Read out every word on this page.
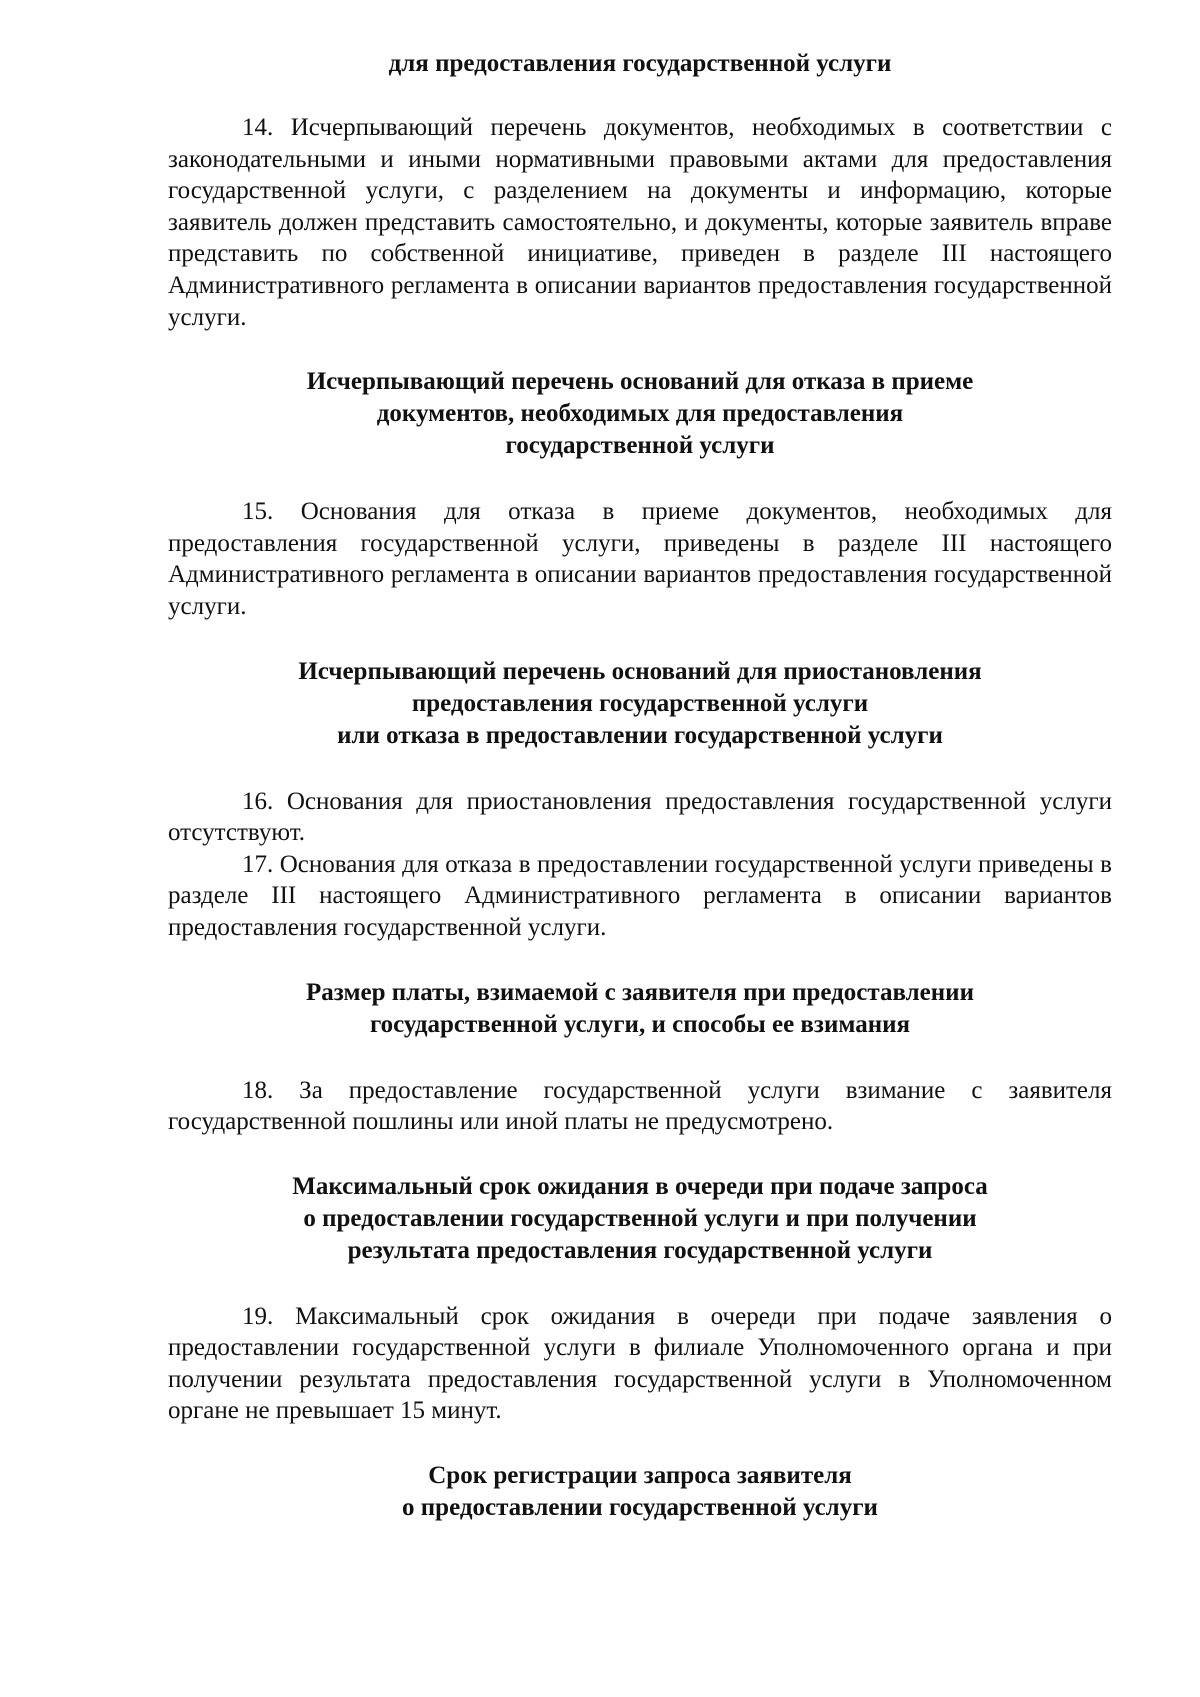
для предоставления государственной услуги

14. Исчерпывающий перечень документов, необходимых в соответствии с законодательными и иными нормативными правовыми актами для предоставления государственной услуги, с разделением на документы и информацию, которые заявитель должен представить самостоятельно, и документы, которые заявитель вправе представить по собственной инициативе, приведен в разделе III настоящего Административного регламента в описании вариантов предоставления государственной услуги.

Исчерпывающий перечень оснований для отказа в приеме
документов, необходимых для предоставления
государственной услуги

15. Основания для отказа в приеме документов, необходимых для предоставления государственной услуги, приведены в разделе III настоящего Административного регламента в описании вариантов предоставления государственной услуги.

Исчерпывающий перечень оснований для приостановления
предоставления государственной услуги
или отказа в предоставлении государственной услуги

16. Основания для приостановления предоставления государственной услуги отсутствуют.

17. Основания для отказа в предоставлении государственной услуги приведены в разделе III настоящего Административного регламента в описании вариантов предоставления государственной услуги.

Размер платы, взимаемой с заявителя при предоставлении
государственной услуги, и способы ее взимания

18. За предоставление государственной услуги взимание с заявителя государственной пошлины или иной платы не предусмотрено.

Максимальный срок ожидания в очереди при подаче запроса
о предоставлении государственной услуги и при получении
результата предоставления государственной услуги

19. Максимальный срок ожидания в очереди при подаче заявления о предоставлении государственной услуги в филиале Уполномоченного органа и при получении результата предоставления государственной услуги в Уполномоченном органе не превышает 15 минут.

Срок регистрации запроса заявителя
о предоставлении государственной услуги
